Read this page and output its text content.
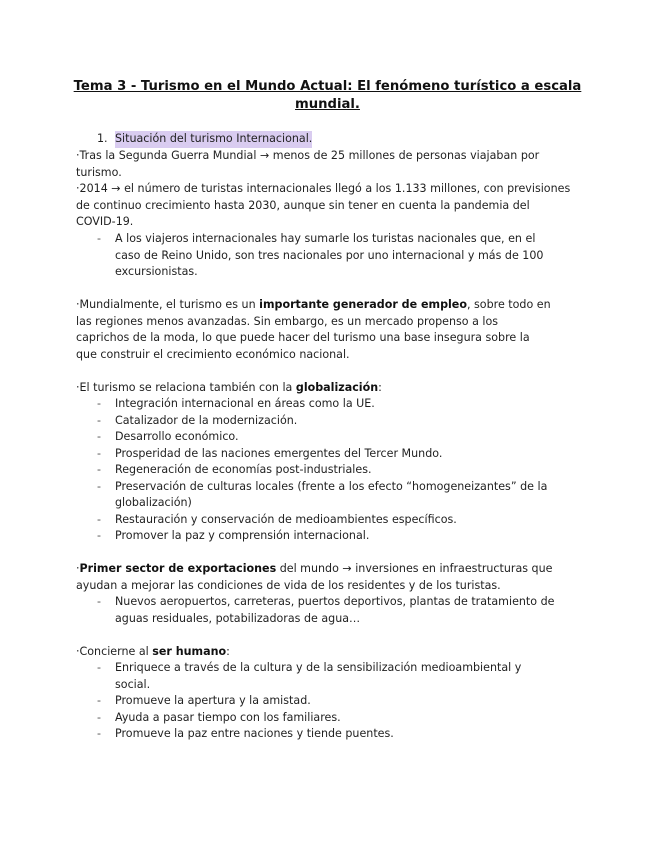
Tema 3 - Turismo en el Mundo Actual: El fenómeno turístico a escala
mundial.
1. Situación del turismo Internacional.
·Tras la Segunda Guerra Mundial → menos de 25 millones de personas viajaban por
turismo.
·2014 → el número de turistas internacionales llegó a los 1.133 millones, con previsiones
de continuo crecimiento hasta 2030, aunque sin tener en cuenta la pandemia del
COVID-19.
- A los viajeros internacionales hay sumarle los turistas nacionales que, en el
caso de Reino Unido, son tres nacionales por uno internacional y más de 100
excursionistas.
·Mundialmente, el turismo es un importante generador de empleo, sobre todo en
las regiones menos avanzadas. Sin embargo, es un mercado propenso a los
caprichos de la moda, lo que puede hacer del turismo una base insegura sobre la
que construir el crecimiento económico nacional.
·El turismo se relaciona también con la globalización:
- Integración internacional en áreas como la UE.
- Catalizador de la modernización.
- Desarrollo económico.
- Prosperidad de las naciones emergentes del Tercer Mundo.
- Regeneración de economías post-industriales.
- Preservación de culturas locales (frente a los efecto “homogeneizantes” de la
globalización)
- Restauración y conservación de medioambientes específicos.
- Promover la paz y comprensión internacional.
·Primer sector de exportaciones del mundo → inversiones en infraestructuras que
ayudan a mejorar las condiciones de vida de los residentes y de los turistas.
- Nuevos aeropuertos, carreteras, puertos deportivos, plantas de tratamiento de
aguas residuales, potabilizadoras de agua…
·Concierne al ser humano:
- Enriquece a través de la cultura y de la sensibilización medioambiental y
social.
- Promueve la apertura y la amistad.
- Ayuda a pasar tiempo con los familiares.
- Promueve la paz entre naciones y tiende puentes.
